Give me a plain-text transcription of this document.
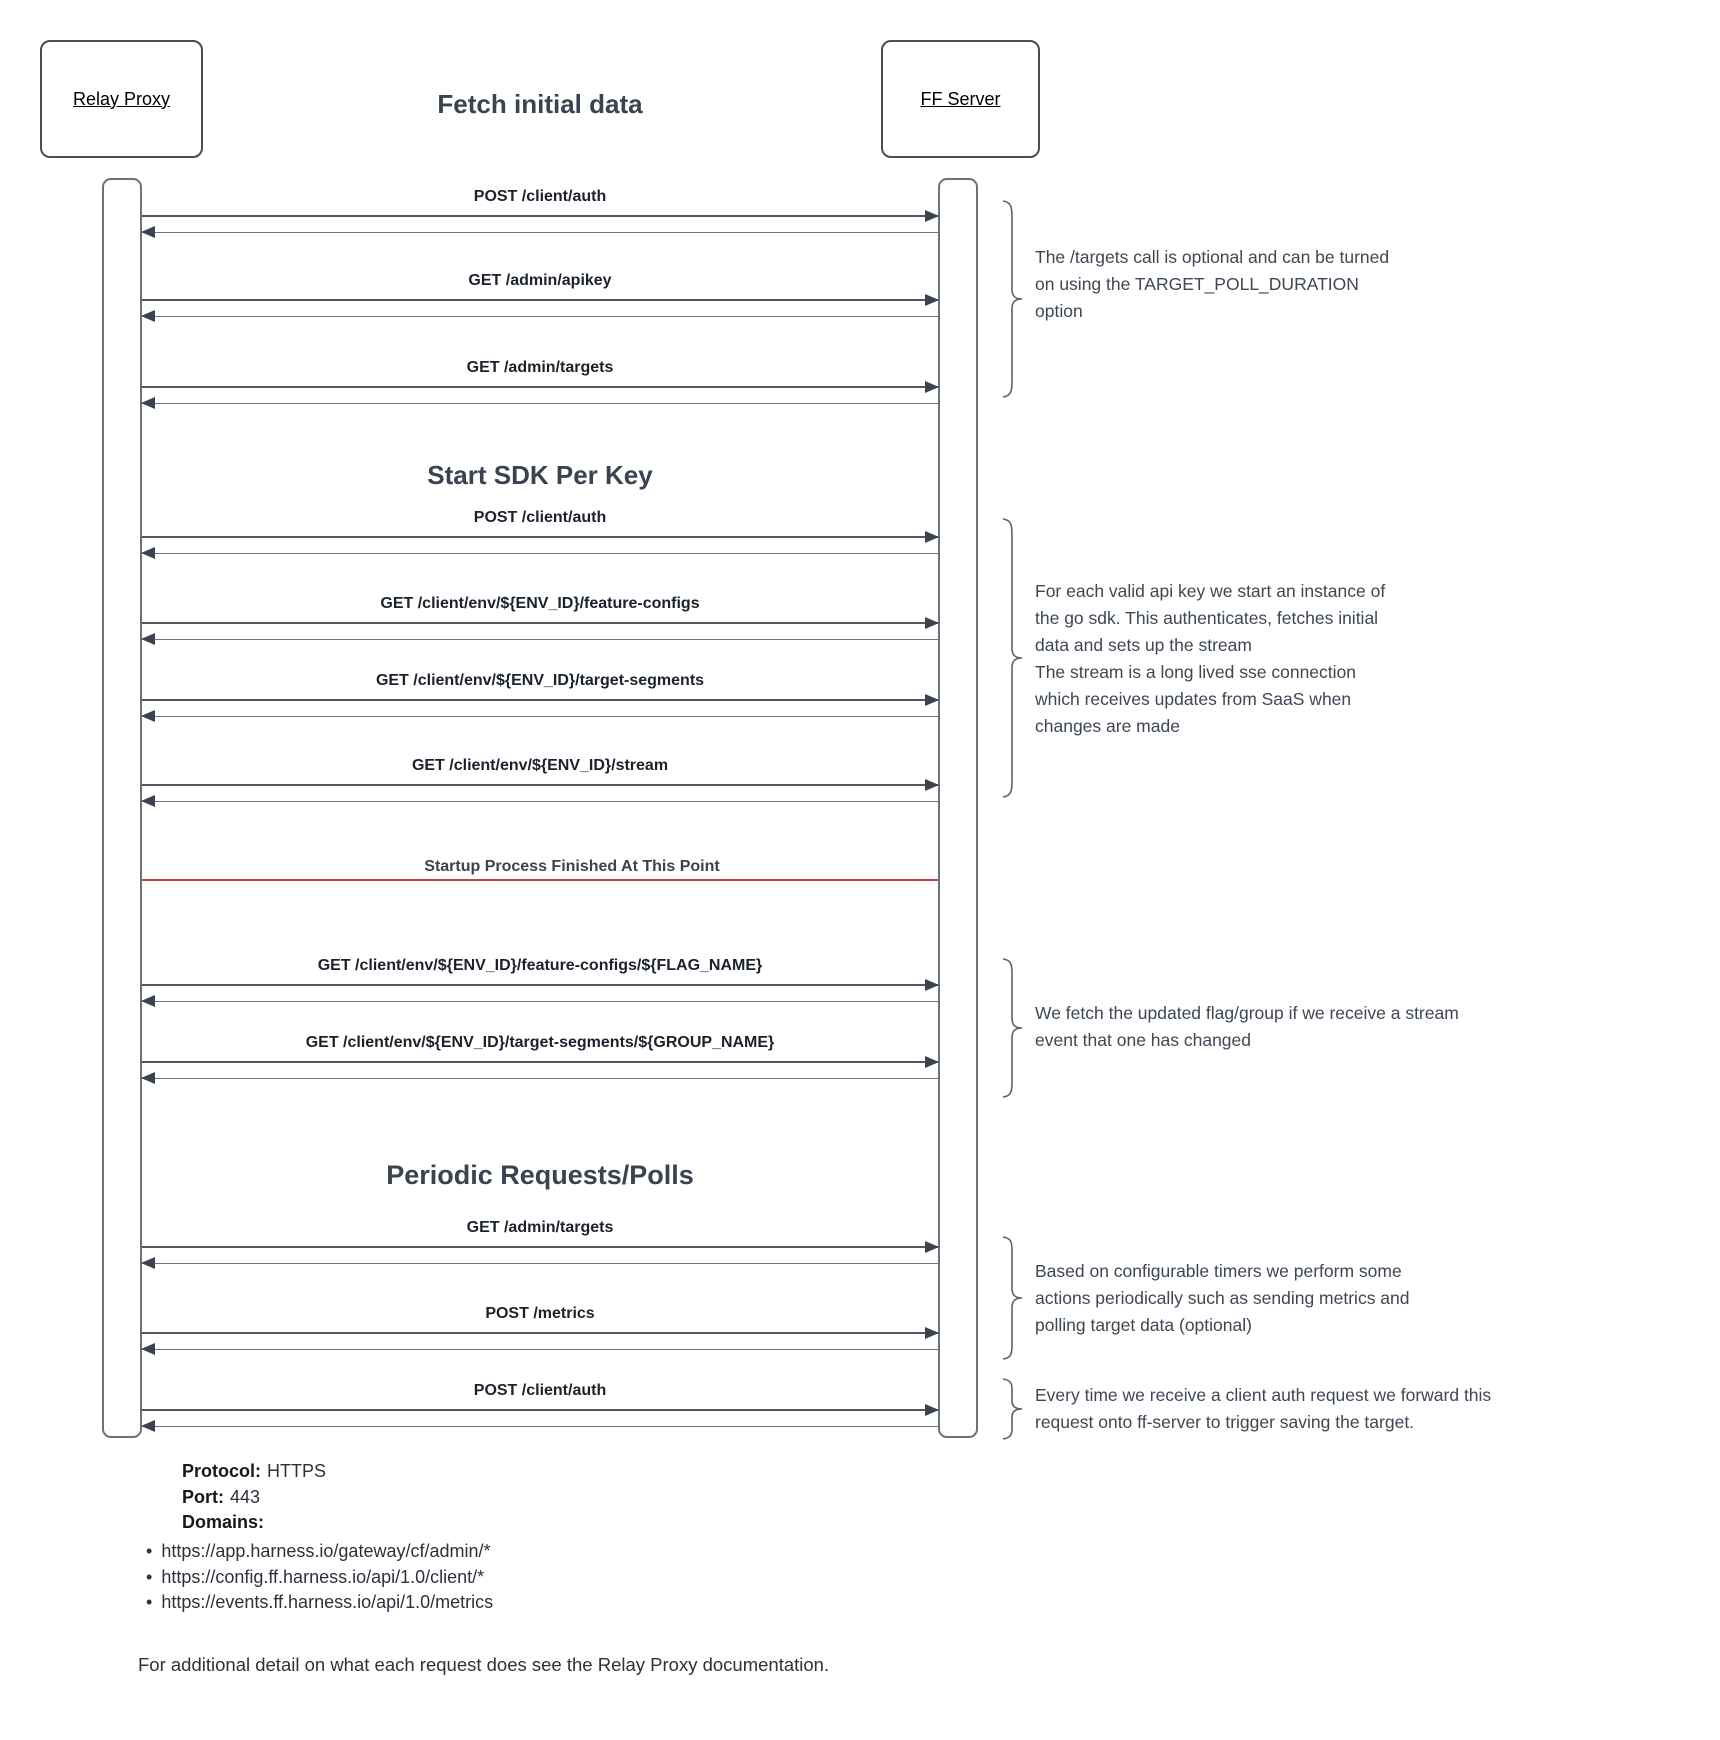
Relay Proxy	FF Server
Fetch initial data
Start SDK Per Key
Periodic Requests/Polls
POST /client/auth
GET /admin/apikey
GET /admin/targets
POST /client/auth
GET /client/env/${ENV_ID}/feature-configs
GET /client/env/${ENV_ID}/target-segments
GET /client/env/${ENV_ID}/stream
Startup Process Finished At This Point
GET /client/env/${ENV_ID}/feature-configs/${FLAG_NAME}
GET /client/env/${ENV_ID}/target-segments/${GROUP_NAME}
GET /admin/targets
POST /metrics
POST /client/auth
The /targets call is optional and can be turned
on using the TARGET_POLL_DURATION
option
For each valid api key we start an instance of
the go sdk. This authenticates, fetches initial
data and sets up the stream
The stream is a long lived sse connection
which receives updates from SaaS when
changes are made
We fetch the updated flag/group if we receive a stream
event that one has changed
Based on configurable timers we perform some
actions periodically such as sending metrics and
polling target data (optional)
Every time we receive a client auth request we forward this
request onto ff-server to trigger saving the target.
Protocol: HTTPS
Port: 443
Domains:
• https://app.harness.io/gateway/cf/admin/*
• https://config.ff.harness.io/api/1.0/client/*
• https://events.ff.harness.io/api/1.0/metrics
For additional detail on what each request does see the Relay Proxy documentation.
